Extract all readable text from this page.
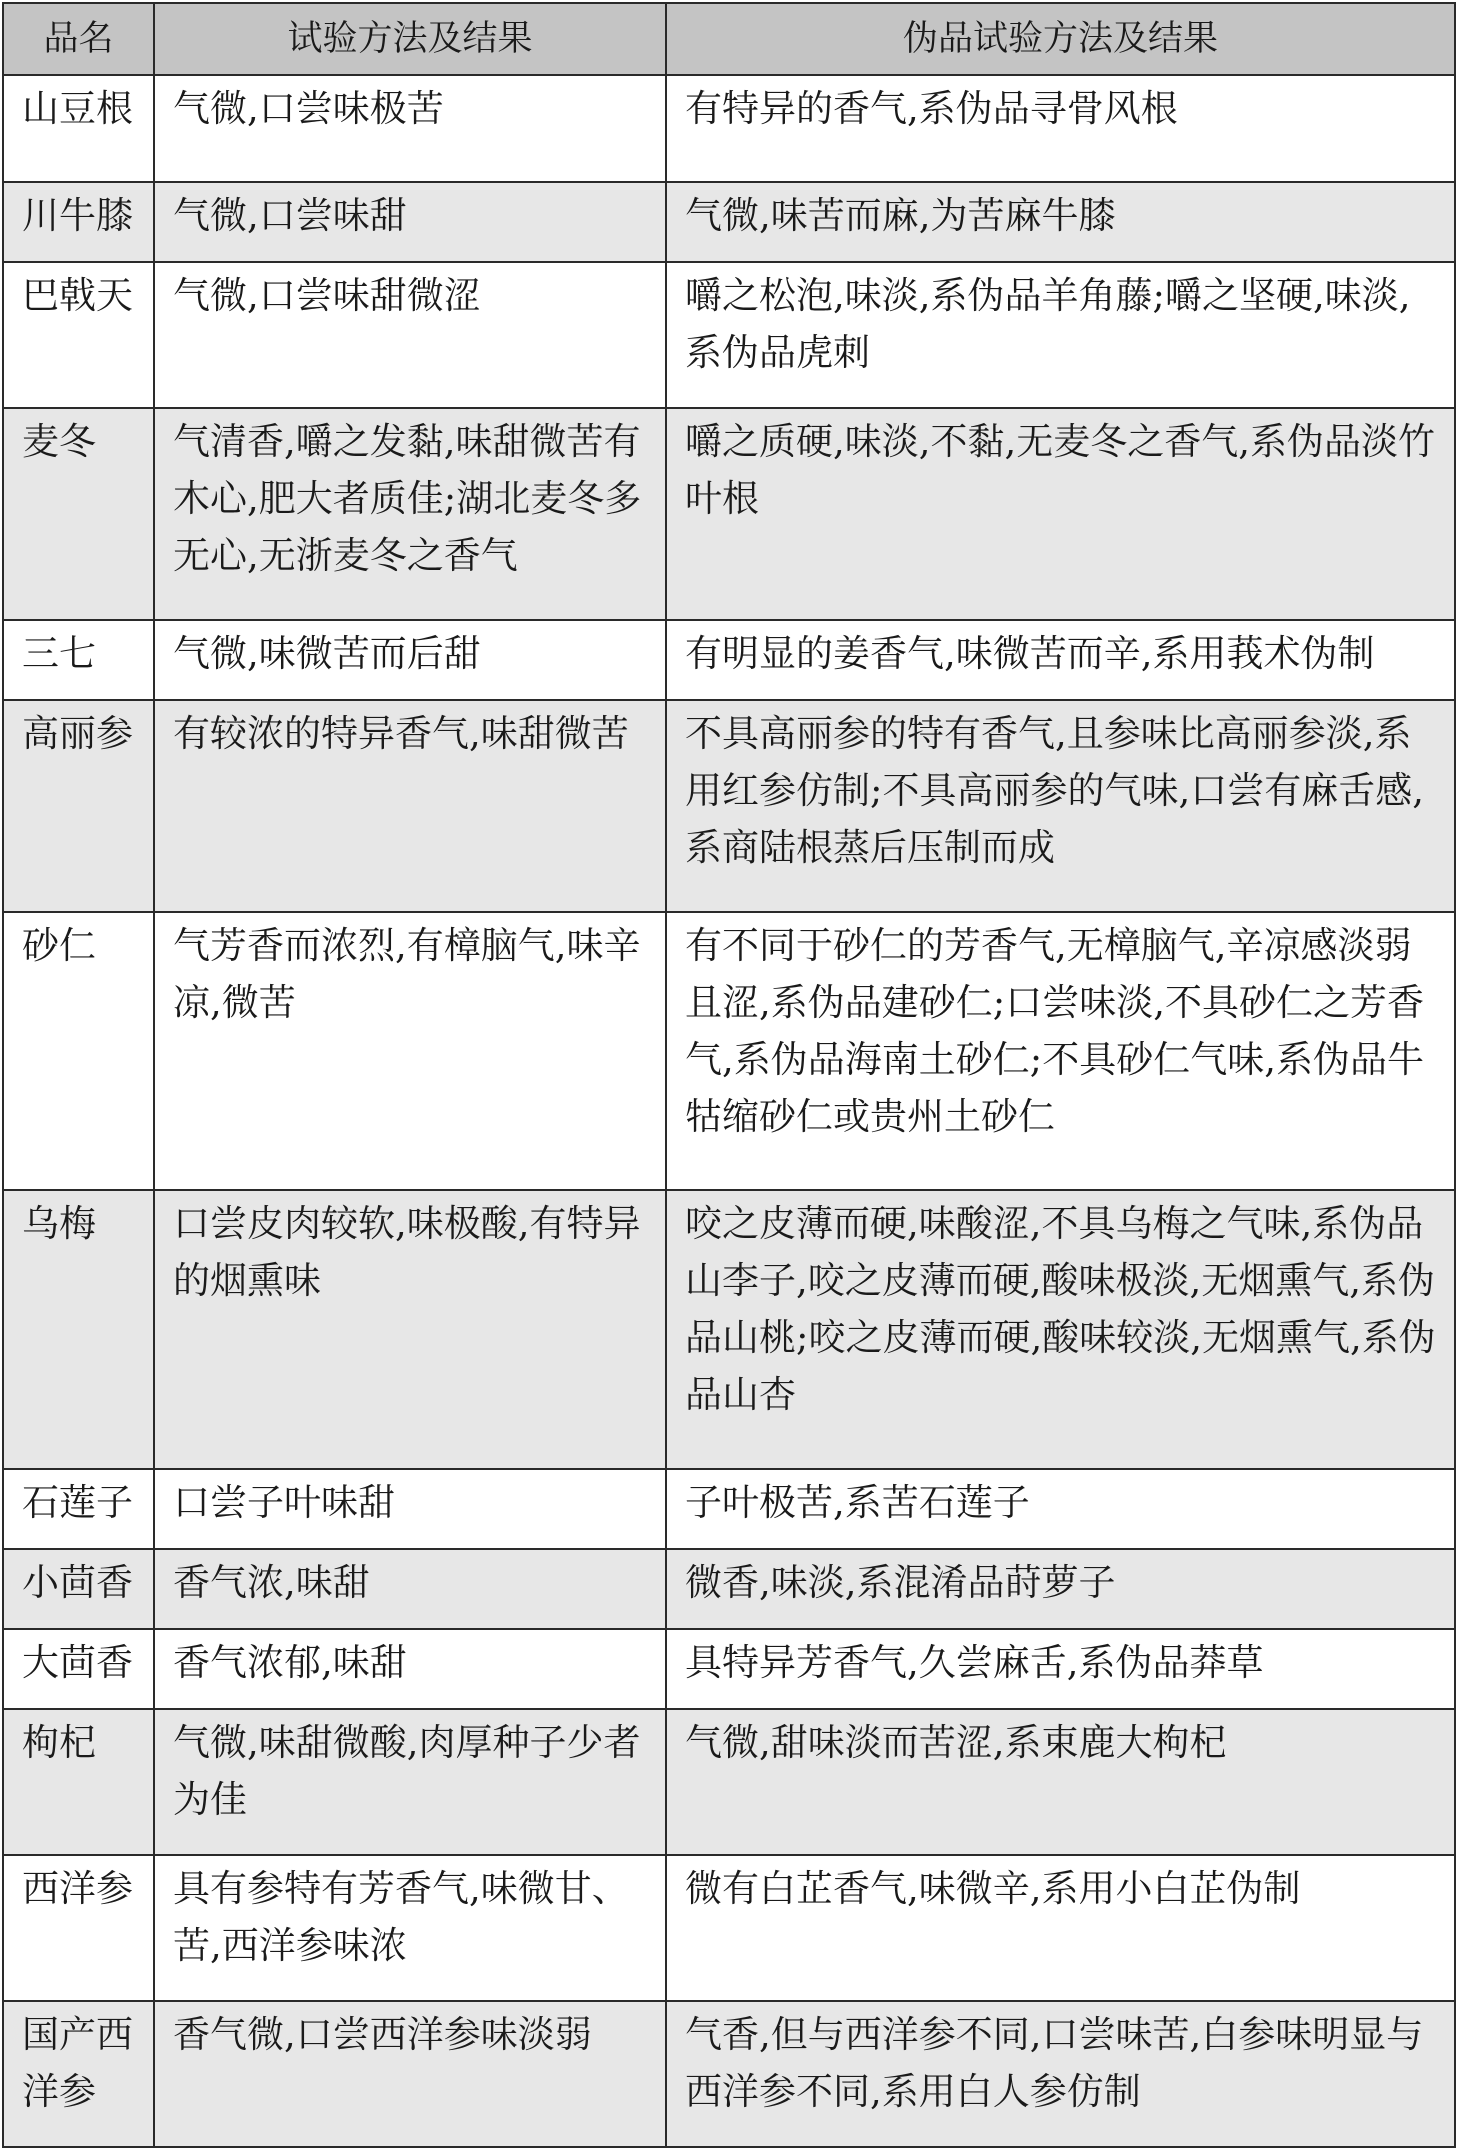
品名	试验方法及结果	伪品试验方法及结果
山豆根	气微,口尝味极苦	有特异的香气,系伪品寻骨风根
川牛膝	气微,口尝味甜	气微,味苦而麻,为苦麻牛膝
巴戟天	气微,口尝味甜微涩	嚼之松泡,味淡,系伪品羊角藤;嚼之坚硬,味淡,系伪品虎刺
麦冬	气清香,嚼之发黏,味甜微苦有木心,肥大者质佳;湖北麦冬多无心,无浙麦冬之香气	嚼之质硬,味淡,不黏,无麦冬之香气,系伪品淡竹叶根
三七	气微,味微苦而后甜	有明显的姜香气,味微苦而辛,系用莪术伪制
高丽参	有较浓的特异香气,味甜微苦	不具高丽参的特有香气,且参味比高丽参淡,系用红参仿制;不具高丽参的气味,口尝有麻舌感,系商陆根蒸后压制而成
砂仁	气芳香而浓烈,有樟脑气,味辛凉,微苦	有不同于砂仁的芳香气,无樟脑气,辛凉感淡弱且涩,系伪品建砂仁;口尝味淡,不具砂仁之芳香气,系伪品海南土砂仁;不具砂仁气味,系伪品牛牯缩砂仁或贵州土砂仁
乌梅	口尝皮肉较软,味极酸,有特异的烟熏味	咬之皮薄而硬,味酸涩,不具乌梅之气味,系伪品山李子,咬之皮薄而硬,酸味极淡,无烟熏气,系伪品山桃;咬之皮薄而硬,酸味较淡,无烟熏气,系伪品山杏
石莲子	口尝子叶味甜	子叶极苦,系苦石莲子
小茴香	香气浓,味甜	微香,味淡,系混淆品莳萝子
大茴香	香气浓郁,味甜	具特异芳香气,久尝麻舌,系伪品莽草
枸杞	气微,味甜微酸,肉厚种子少者为佳	气微,甜味淡而苦涩,系束鹿大枸杞
西洋参	具有参特有芳香气,味微甘、苦,西洋参味浓	微有白芷香气,味微辛,系用小白芷伪制
国产西洋参	香气微,口尝西洋参味淡弱	气香,但与西洋参不同,口尝味苦,白参味明显与西洋参不同,系用白人参仿制
